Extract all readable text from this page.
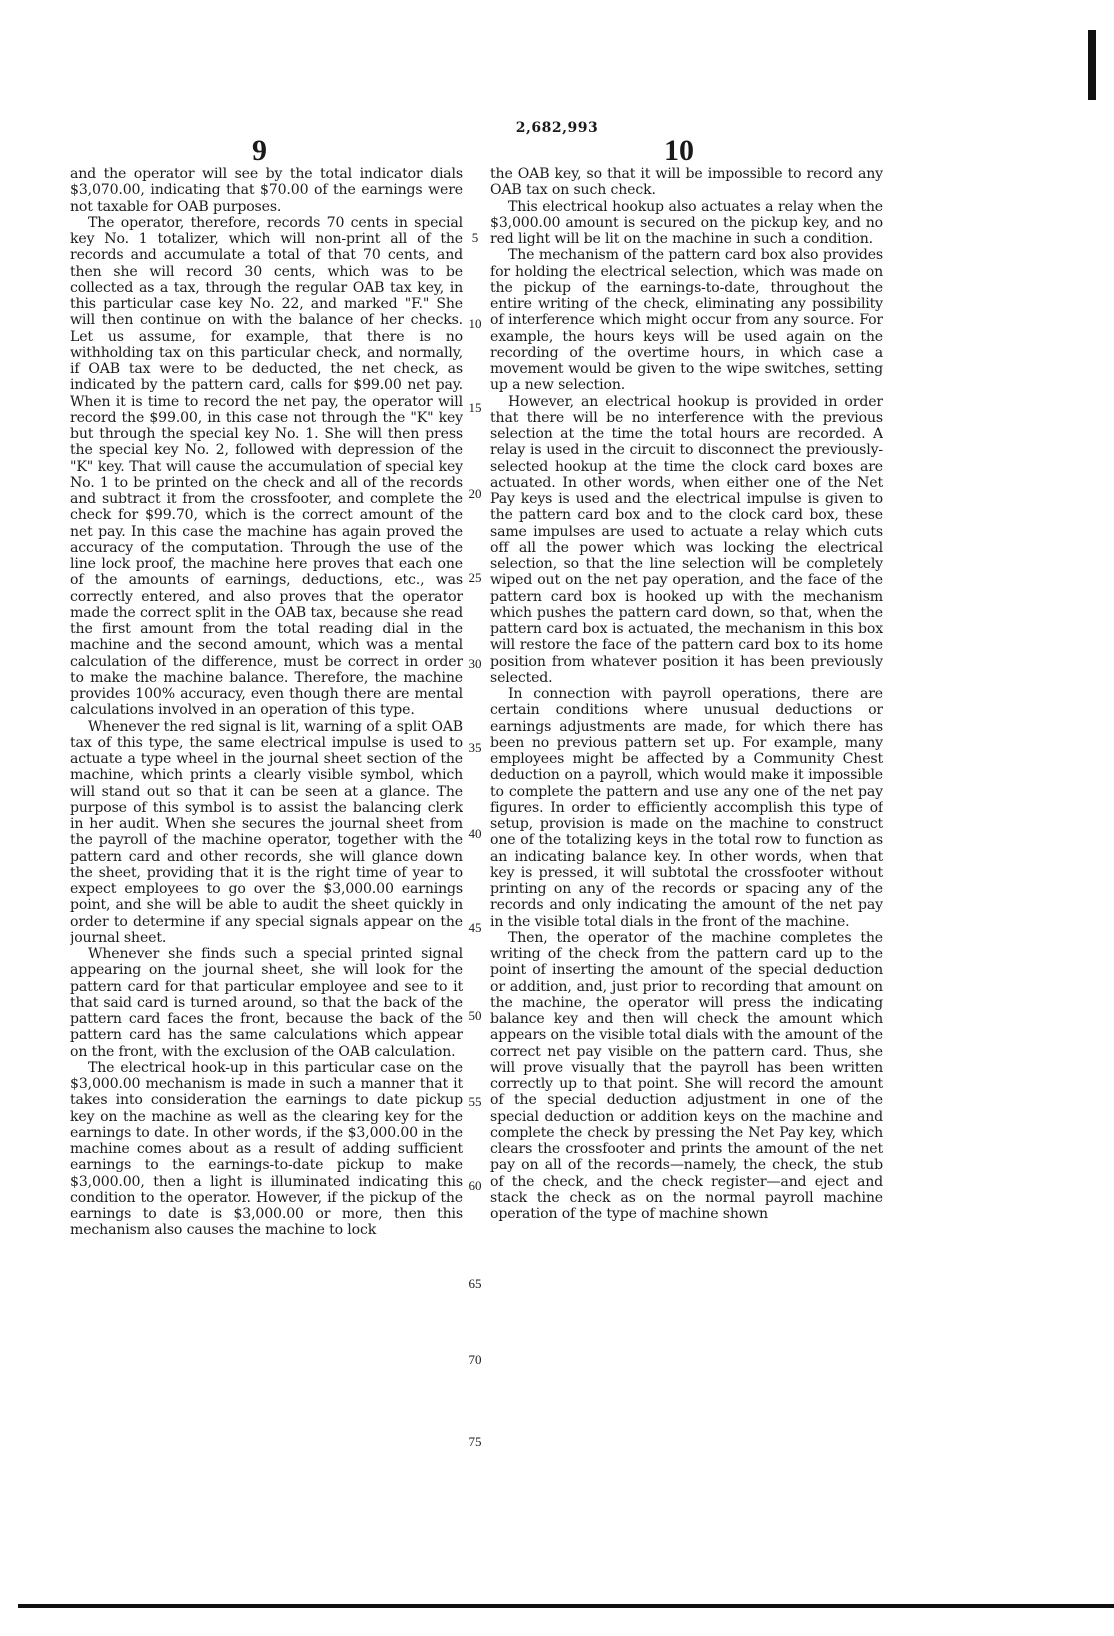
2,682,993
9	10

and the operator will see by the total indicator dials $3,070.00, indicating that $70.00 of the earnings were not taxable for OAB purposes.

The operator, therefore, records 70 cents in special key No. 1 totalizer, which will non-print all of the records and accumulate a total of that 70 cents, and then she will record 30 cents, which was to be collected as a tax, through the regular OAB tax key, in this particular case key No. 22, and marked "F." She will then continue on with the balance of her checks. Let us assume, for example, that there is no withholding tax on this particular check, and normally, if OAB tax were to be deducted, the net check, as indicated by the pattern card, calls for $99.00 net pay. When it is time to record the net pay, the operator will record the $99.00, in this case not through the "K" key but through the special key No. 1. She will then press the special key No. 2, followed with depression of the "K" key. That will cause the accumulation of special key No. 1 to be printed on the check and all of the records and subtract it from the crossfooter, and complete the check for $99.70, which is the correct amount of the net pay. In this case the machine has again proved the accuracy of the computation. Through the use of the line lock proof, the machine here proves that each one of the amounts of earnings, deductions, etc., was correctly entered, and also proves that the operator made the correct split in the OAB tax, because she read the first amount from the total reading dial in the machine and the second amount, which was a mental calculation of the difference, must be correct in order to make the machine balance. Therefore, the machine provides 100% accuracy, even though there are mental calculations involved in an operation of this type.

Whenever the red signal is lit, warning of a split OAB tax of this type, the same electrical impulse is used to actuate a type wheel in the journal sheet section of the machine, which prints a clearly visible symbol, which will stand out so that it can be seen at a glance. The purpose of this symbol is to assist the balancing clerk in her audit. When she secures the journal sheet from the payroll of the machine operator, together with the pattern card and other records, she will glance down the sheet, providing that it is the right time of year to expect employees to go over the $3,000.00 earnings point, and she will be able to audit the sheet quickly in order to determine if any special signals appear on the journal sheet.

Whenever she finds such a special printed signal appearing on the journal sheet, she will look for the pattern card for that particular employee and see to it that said card is turned around, so that the back of the pattern card faces the front, because the back of the pattern card has the same calculations which appear on the front, with the exclusion of the OAB calculation.

The electrical hook-up in this particular case on the $3,000.00 mechanism is made in such a manner that it takes into consideration the earnings to date pickup key on the machine as well as the clearing key for the earnings to date. In other words, if the $3,000.00 in the machine comes about as a result of adding sufficient earnings to the earnings-to-date pickup to make $3,000.00, then a light is illuminated indicating this condition to the operator. However, if the pickup of the earnings to date is $3,000.00 or more, then this mechanism also causes the machine to lock

5
10
15
20
25
30
35
40
45
50
55
60
65
70
75

the OAB key, so that it will be impossible to record any OAB tax on such check.

This electrical hookup also actuates a relay when the $3,000.00 amount is secured on the pickup key, and no red light will be lit on the machine in such a condition.

The mechanism of the pattern card box also provides for holding the electrical selection, which was made on the pickup of the earnings-to-date, throughout the entire writing of the check, eliminating any possibility of interference which might occur from any source. For example, the hours keys will be used again on the recording of the overtime hours, in which case a movement would be given to the wipe switches, setting up a new selection.

However, an electrical hookup is provided in order that there will be no interference with the previous selection at the time the total hours are recorded. A relay is used in the circuit to disconnect the previously-selected hookup at the time the clock card boxes are actuated. In other words, when either one of the Net Pay keys is used and the electrical impulse is given to the pattern card box and to the clock card box, these same impulses are used to actuate a relay which cuts off all the power which was locking the electrical selection, so that the line selection will be completely wiped out on the net pay operation, and the face of the pattern card box is hooked up with the mechanism which pushes the pattern card down, so that, when the pattern card box is actuated, the mechanism in this box will restore the face of the pattern card box to its home position from whatever position it has been previously selected.

In connection with payroll operations, there are certain conditions where unusual deductions or earnings adjustments are made, for which there has been no previous pattern set up. For example, many employees might be affected by a Community Chest deduction on a payroll, which would make it impossible to complete the pattern and use any one of the net pay figures. In order to efficiently accomplish this type of setup, provision is made on the machine to construct one of the totalizing keys in the total row to function as an indicating balance key. In other words, when that key is pressed, it will subtotal the crossfooter without printing on any of the records or spacing any of the records and only indicating the amount of the net pay in the visible total dials in the front of the machine.

Then, the operator of the machine completes the writing of the check from the pattern card up to the point of inserting the amount of the special deduction or addition, and, just prior to recording that amount on the machine, the operator will press the indicating balance key and then will check the amount which appears on the visible total dials with the amount of the correct net pay visible on the pattern card. Thus, she will prove visually that the payroll has been written correctly up to that point. She will record the amount of the special deduction adjustment in one of the special deduction or addition keys on the machine and complete the check by pressing the Net Pay key, which clears the crossfooter and prints the amount of the net pay on all of the records—namely, the check, the stub of the check, and the check register—and eject and stack the check as on the normal payroll machine operation of the type of machine shown
